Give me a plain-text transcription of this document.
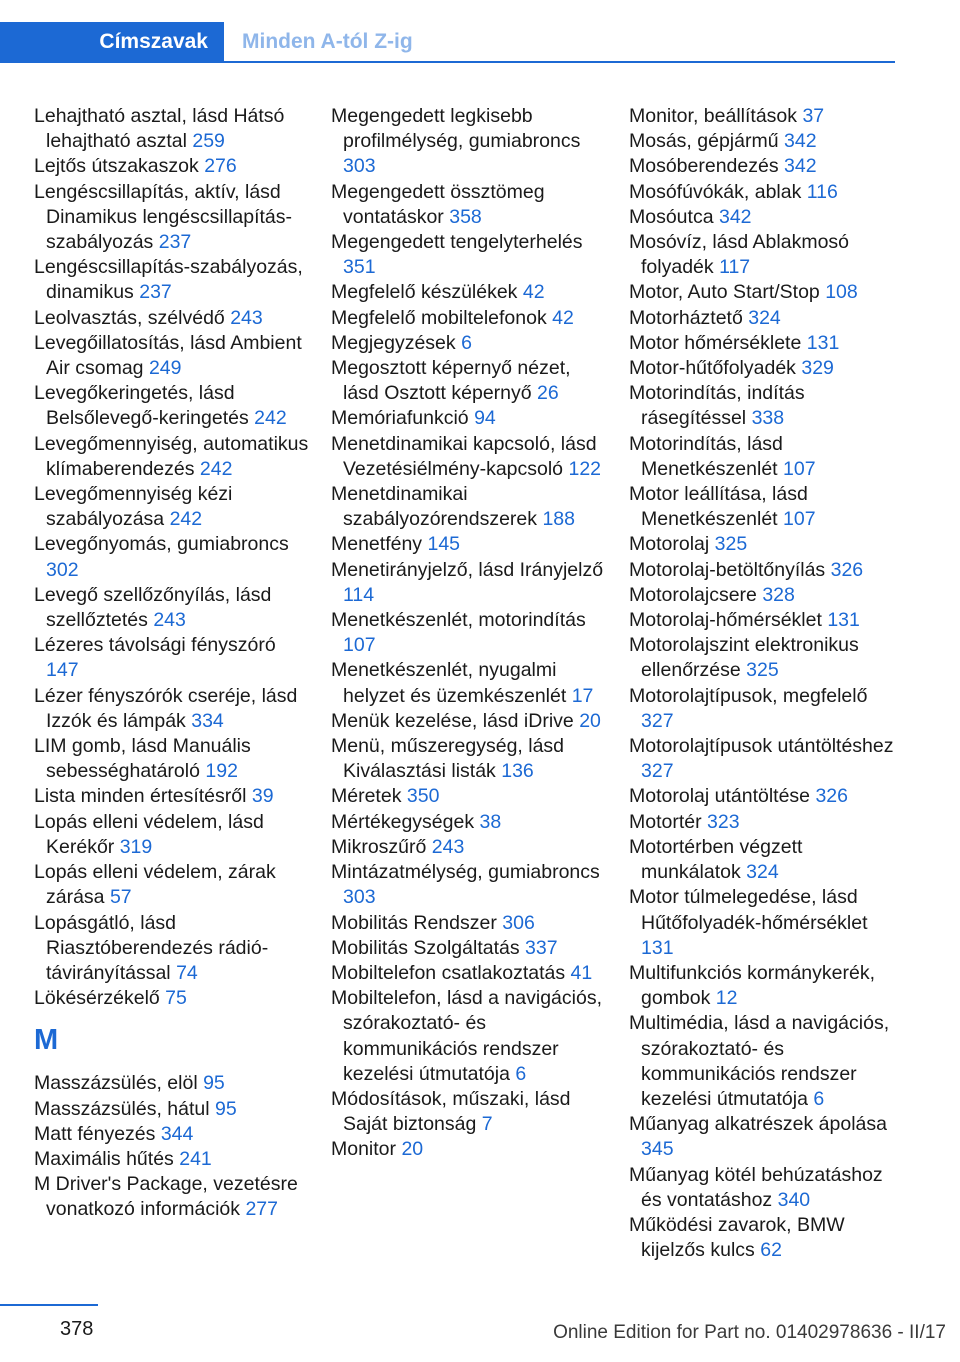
Címszavak	Minden A-tól Z-ig
Lehajtható asztal, lásd Hátsó lehajtható asztal 259
Lejtős útszakaszok 276
Lengéscsillapítás, aktív, lásd Dinamikus lengéscsillapítás-szabályozás 237
Lengéscsillapítás-szabályozás, dinamikus 237
Leolvasztás, szélvédő 243
Levegőillatosítás, lásd Ambient Air csomag 249
Levegőkeringetés, lásd Belsőlevegő-keringetés 242
Levegőmennyiség, automatikus klímaberendezés 242
Levegőmennyiség kézi szabályozása 242
Levegőnyomás, gumiabroncs 302
Levegő szellőzőnyílás, lásd szellőztetés 243
Lézeres távolsági fényszóró 147
Lézer fényszórók cseréje, lásd Izzók és lámpák 334
LIM gomb, lásd Manuális sebességhatároló 192
Lista minden értesítésről 39
Lopás elleni védelem, lásd Kerékőr 319
Lopás elleni védelem, zárak zárása 57
Lopásgátló, lásd Riasztóberendezés rádió-távirányítással 74
Lökésérzékelő 75
M
Masszázsülés, elöl 95
Masszázsülés, hátul 95
Matt fényezés 344
Maximális hűtés 241
M Driver's Package, vezetésre vonatkozó információk 277
Megengedett legkisebb profilmélység, gumiabroncs 303
Megengedett össztömeg vontatáskor 358
Megengedett tengelyterhelés 351
Megfelelő készülékek 42
Megfelelő mobiltelefonok 42
Megjegyzések 6
Megosztott képernyő nézet, lásd Osztott képernyő 26
Memóriafunkció 94
Menetdinamikai kapcsoló, lásd Vezetésiélmény-kapcsoló 122
Menetdinamikai szabályozórendszerek 188
Menetfény 145
Menetirányjelző, lásd Irányjelző 114
Menetkészenlét, motorindítás 107
Menetkészenlét, nyugalmi helyzet és üzemkészenlét 17
Menük kezelése, lásd iDrive 20
Menü, műszeregység, lásd Kiválasztási listák 136
Méretek 350
Mértékegységek 38
Mikroszűrő 243
Mintázatmélység, gumiabroncs 303
Mobilitás Rendszer 306
Mobilitás Szolgáltatás 337
Mobiltelefon csatlakoztatás 41
Mobiltelefon, lásd a navigációs, szórakoztató- és kommunikációs rendszer kezelési útmutatója 6
Módosítások, műszaki, lásd Saját biztonság 7
Monitor 20
Monitor, beállítások 37
Mosás, gépjármű 342
Mosóberendezés 342
Mosófúvókák, ablak 116
Mosóutca 342
Mosóvíz, lásd Ablakmosó folyadék 117
Motor, Auto Start/Stop 108
Motorháztető 324
Motor hőmérséklete 131
Motor-hűtőfolyadék 329
Motorindítás, indítás rásegítéssel 338
Motorindítás, lásd Menetkészenlét 107
Motor leállítása, lásd Menetkészenlét 107
Motorolaj 325
Motorolaj-betöltőnyílás 326
Motorolajcsere 328
Motorolaj-hőmérséklet 131
Motorolajszint elektronikus ellenőrzése 325
Motorolajtípusok, megfelelő 327
Motorolajtípusok utántöltéshez 327
Motorolaj utántöltése 326
Motortér 323
Motortérben végzett munkálatok 324
Motor túlmelegedése, lásd Hűtőfolyadék-hőmérséklet 131
Multifunkciós kormánykerék, gombok 12
Multimédia, lásd a navigációs, szórakoztató- és kommunikációs rendszer kezelési útmutatója 6
Műanyag alkatrészek ápolása 345
Műanyag kötél behúzatáshoz és vontatáshoz 340
Működési zavarok, BMW kijelzős kulcs 62
378	Online Edition for Part no. 01402978636 - II/17
